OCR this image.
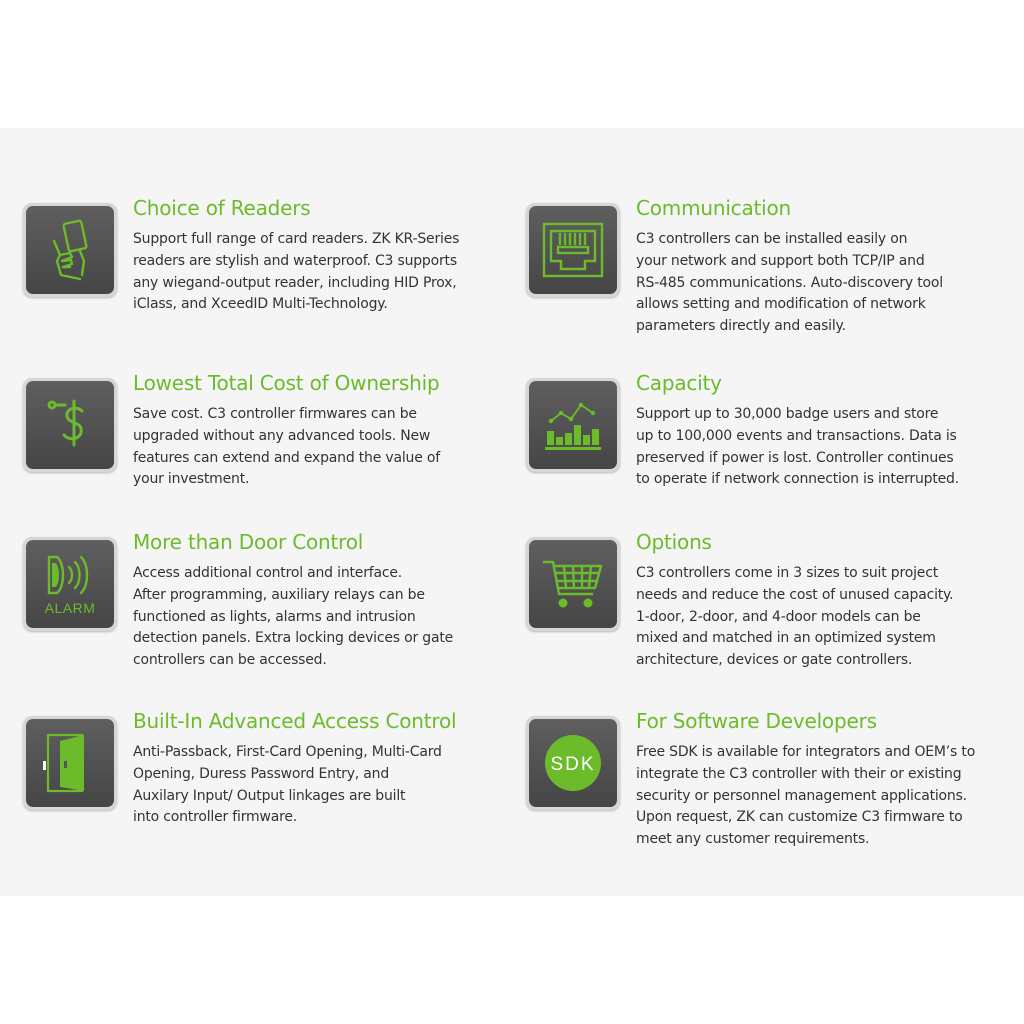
Choice of Readers
Support full range of card readers. ZK KR-Series
readers are stylish and waterproof. C3 supports
any wiegand-output reader, including HID Prox,
iClass, and XceedID Multi-Technology.
Communication
C3 controllers can be installed easily on
your network and support both TCP/IP and
RS-485 communications. Auto-discovery tool
allows setting and modification of network
parameters directly and easily.
Lowest Total Cost of Ownership
Save cost. C3 controller firmwares can be
upgraded without any advanced tools. New
features can extend and expand the value of
your investment.
Capacity
Support up to 30,000 badge users and store
up to 100,000 events and transactions. Data is
preserved if power is lost. Controller continues
to operate if network connection is interrupted.
ALARM
More than Door Control
Access additional control and interface.
After programming, auxiliary relays can be
functioned as lights, alarms and intrusion
detection panels. Extra locking devices or gate
controllers can be accessed.
Options
C3 controllers come in 3 sizes to suit project
needs and reduce the cost of unused capacity.
1-door, 2-door, and 4-door models can be
mixed and matched in an optimized system
architecture, devices or gate controllers.
Built-In Advanced Access Control
Anti-Passback, First-Card Opening, Multi-Card
Opening, Duress Password Entry, and
Auxilary Input/ Output linkages are built
into controller firmware.
SDK
For Software Developers
Free SDK is available for integrators and OEM’s to
integrate the C3 controller with their or existing
security or personnel management applications.
Upon request, ZK can customize C3 firmware to
meet any customer requirements.
